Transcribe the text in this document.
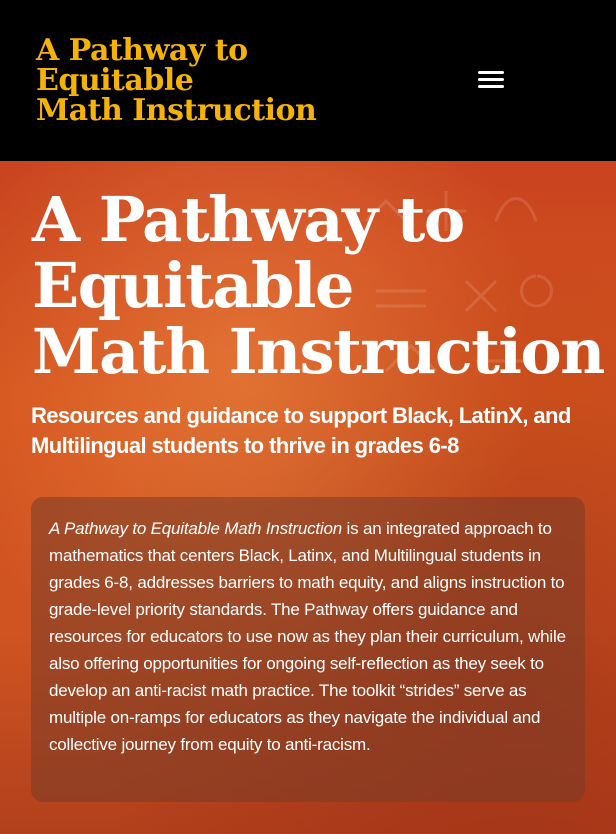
A Pathway to
Equitable
Math Instruction
A Pathway to
Equitable
Math Instruction
Resources and guidance to support Black, LatinX, and Multilingual students to thrive in grades 6-8

A Pathway to Equitable Math Instruction is an integrated approach to mathematics that centers Black, Latinx, and Multilingual students in grades 6-8, addresses barriers to math equity, and aligns instruction to grade-level priority standards. The Pathway offers guidance and resources for educators to use now as they plan their curriculum, while also offering opportunities for ongoing self-reflection as they seek to develop an anti-racist math practice. The toolkit “strides” serve as multiple on-ramps for educators as they navigate the individual and collective journey from equity to anti-racism.
